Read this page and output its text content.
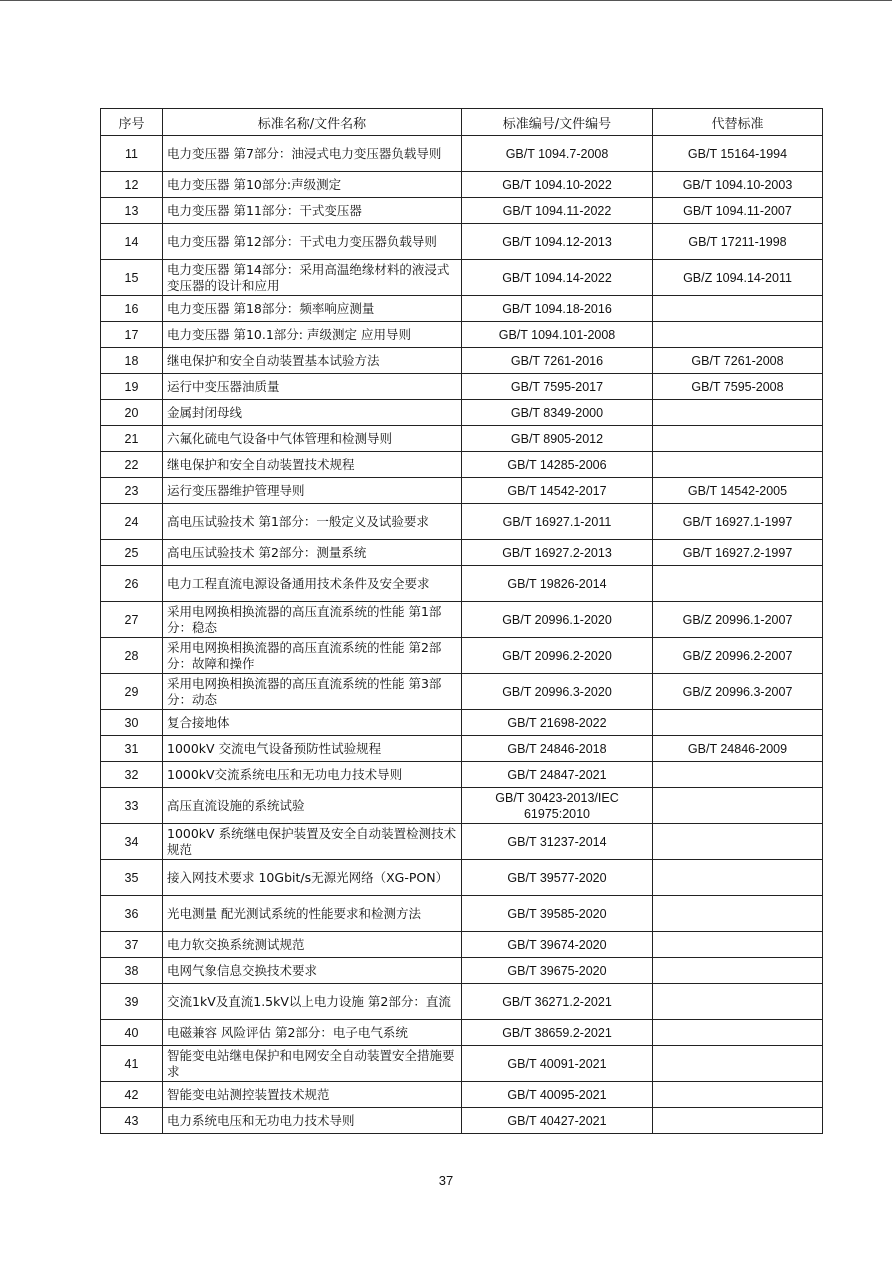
序号	标准名称/文件名称	标准编号/文件编号	代替标准
11	电力变压器 第7部分：油浸式电力变压器负载导则	GB/T 1094.7-2008	GB/T 15164-1994
12	电力变压器 第10部分:声级测定	GB/T 1094.10-2022	GB/T 1094.10-2003
13	电力变压器 第11部分：干式变压器	GB/T 1094.11-2022	GB/T 1094.11-2007
14	电力变压器 第12部分：干式电力变压器负载导则	GB/T 1094.12-2013	GB/T 17211-1998
15	电力变压器 第14部分：采用高温绝缘材料的液浸式变压器的设计和应用	GB/T 1094.14-2022	GB/Z 1094.14-2011
16	电力变压器 第18部分：频率响应测量	GB/T 1094.18-2016	
17	电力变压器 第10.1部分: 声级测定 应用导则	GB/T 1094.101-2008	
18	继电保护和安全自动装置基本试验方法	GB/T 7261-2016	GB/T 7261-2008
19	运行中变压器油质量	GB/T 7595-2017	GB/T 7595-2008
20	金属封闭母线	GB/T 8349-2000	
21	六氟化硫电气设备中气体管理和检测导则	GB/T 8905-2012	
22	继电保护和安全自动装置技术规程	GB/T 14285-2006	
23	运行变压器维护管理导则	GB/T 14542-2017	GB/T 14542-2005
24	高电压试验技术 第1部分：一般定义及试验要求	GB/T 16927.1-2011	GB/T 16927.1-1997
25	高电压试验技术 第2部分：测量系统	GB/T 16927.2-2013	GB/T 16927.2-1997
26	电力工程直流电源设备通用技术条件及安全要求	GB/T 19826-2014	
27	采用电网换相换流器的高压直流系统的性能 第1部分：稳态	GB/T 20996.1-2020	GB/Z 20996.1-2007
28	采用电网换相换流器的高压直流系统的性能 第2部分：故障和操作	GB/T 20996.2-2020	GB/Z 20996.2-2007
29	采用电网换相换流器的高压直流系统的性能 第3部分：动态	GB/T 20996.3-2020	GB/Z 20996.3-2007
30	复合接地体	GB/T 21698-2022	
31	1000kV 交流电气设备预防性试验规程	GB/T 24846-2018	GB/T 24846-2009
32	1000kV交流系统电压和无功电力技术导则	GB/T 24847-2021	
33	高压直流设施的系统试验	GB/T 30423-2013/IEC 61975:2010	
34	1000kV 系统继电保护装置及安全自动装置检测技术规范	GB/T 31237-2014	
35	接入网技术要求 10Gbit/s无源光网络（XG-PON）	GB/T 39577-2020	
36	光电测量 配光测试系统的性能要求和检测方法	GB/T 39585-2020	
37	电力软交换系统测试规范	GB/T 39674-2020	
38	电网气象信息交换技术要求	GB/T 39675-2020	
39	交流1kV及直流1.5kV以上电力设施 第2部分：直流	GB/T 36271.2-2021	
40	电磁兼容 风险评估 第2部分：电子电气系统	GB/T 38659.2-2021	
41	智能变电站继电保护和电网安全自动装置安全措施要求	GB/T 40091-2021	
42	智能变电站测控装置技术规范	GB/T 40095-2021	
43	电力系统电压和无功电力技术导则	GB/T 40427-2021	
37
